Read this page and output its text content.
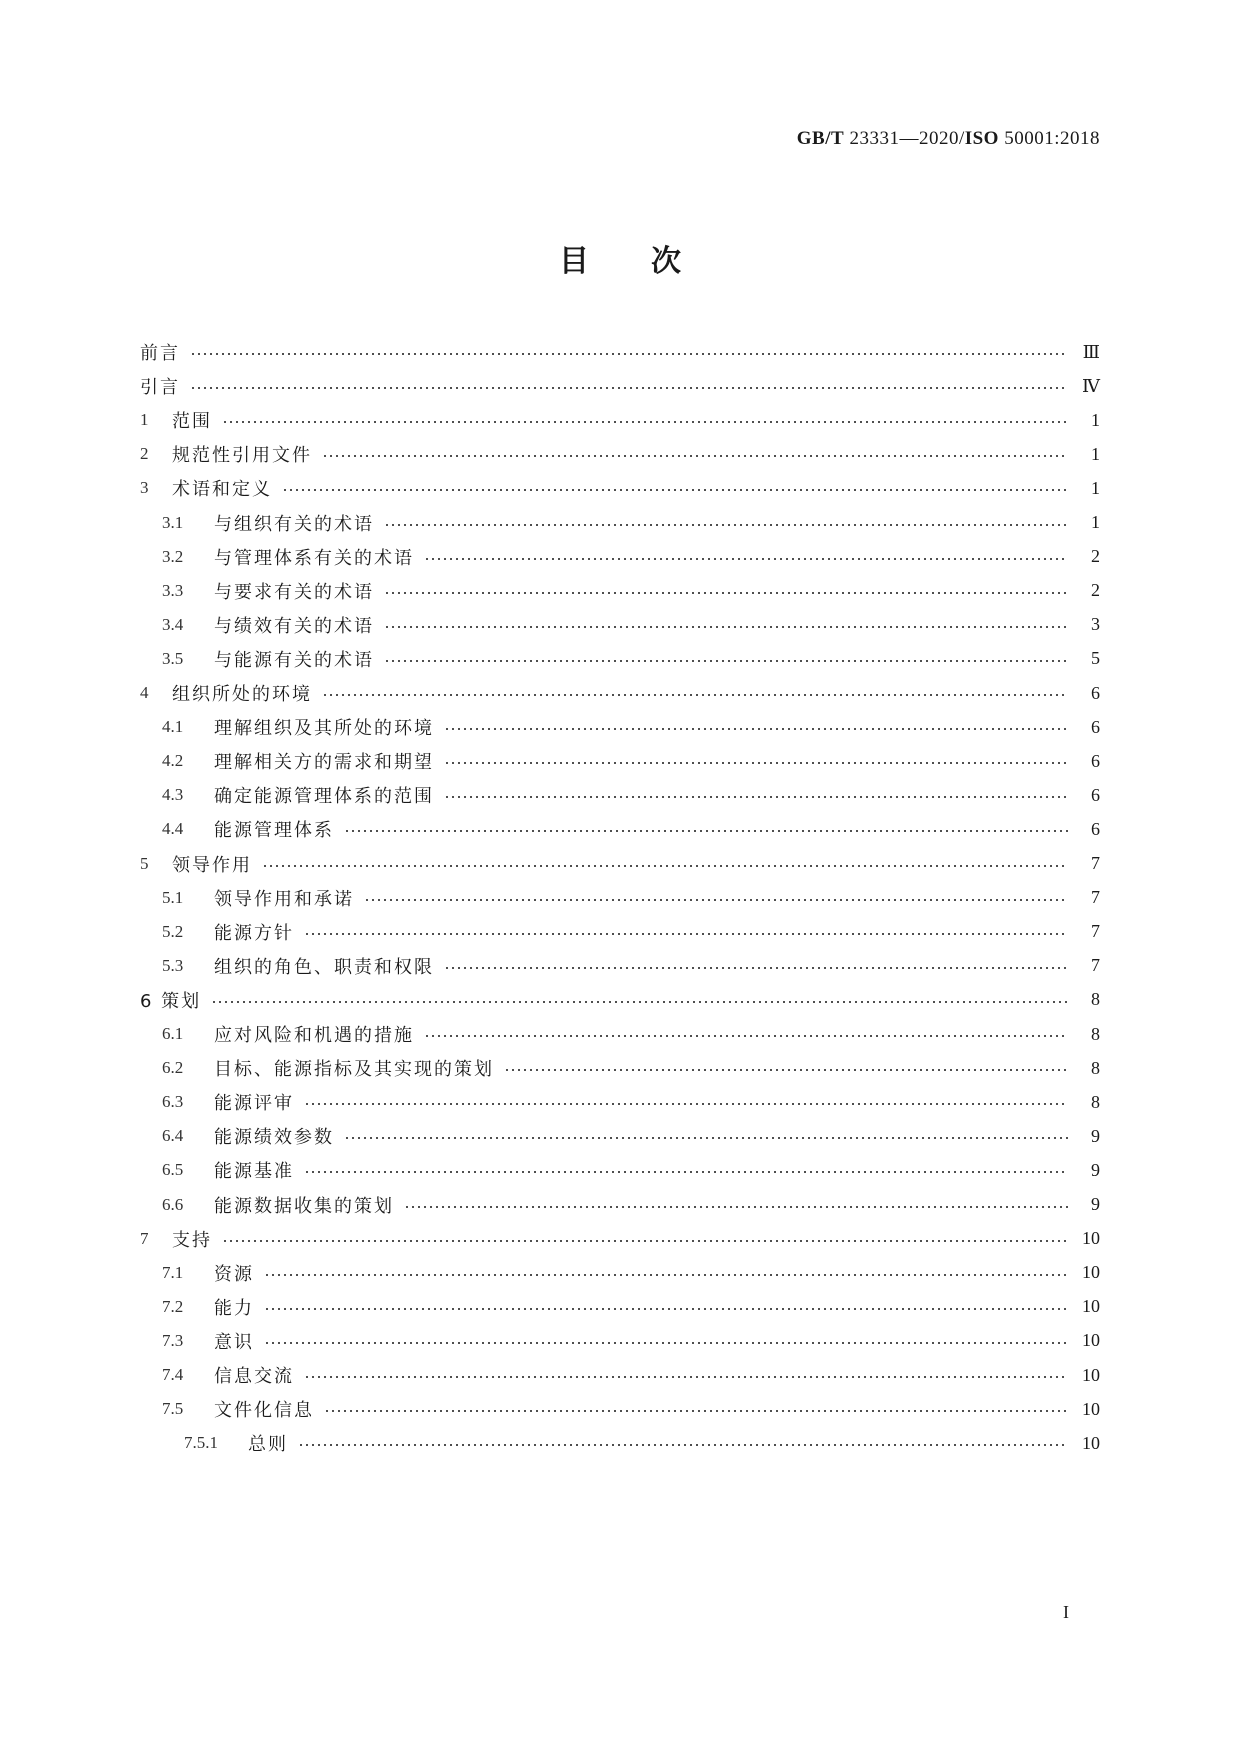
GB/T 23331—2020/ISO 50001:2018
目 次
前言	Ⅲ
引言	Ⅳ
1	范围	1
2	规范性引用文件	1
3	术语和定义	1
3.1	与组织有关的术语	1
3.2	与管理体系有关的术语	2
3.3	与要求有关的术语	2
3.4	与绩效有关的术语	3
3.5	与能源有关的术语	5
4	组织所处的环境	6
4.1	理解组织及其所处的环境	6
4.2	理解相关方的需求和期望	6
4.3	确定能源管理体系的范围	6
4.4	能源管理体系	6
5	领导作用	7
5.1	领导作用和承诺	7
5.2	能源方针	7
5.3	组织的角色、职责和权限	7
6 策划	8
6.1	应对风险和机遇的措施	8
6.2	目标、能源指标及其实现的策划	8
6.3	能源评审	8
6.4	能源绩效参数	9
6.5	能源基准	9
6.6	能源数据收集的策划	9
7	支持	10
7.1	资源	10
7.2	能力	10
7.3	意识	10
7.4	信息交流	10
7.5	文件化信息	10
7.5.1	总则	10
I
